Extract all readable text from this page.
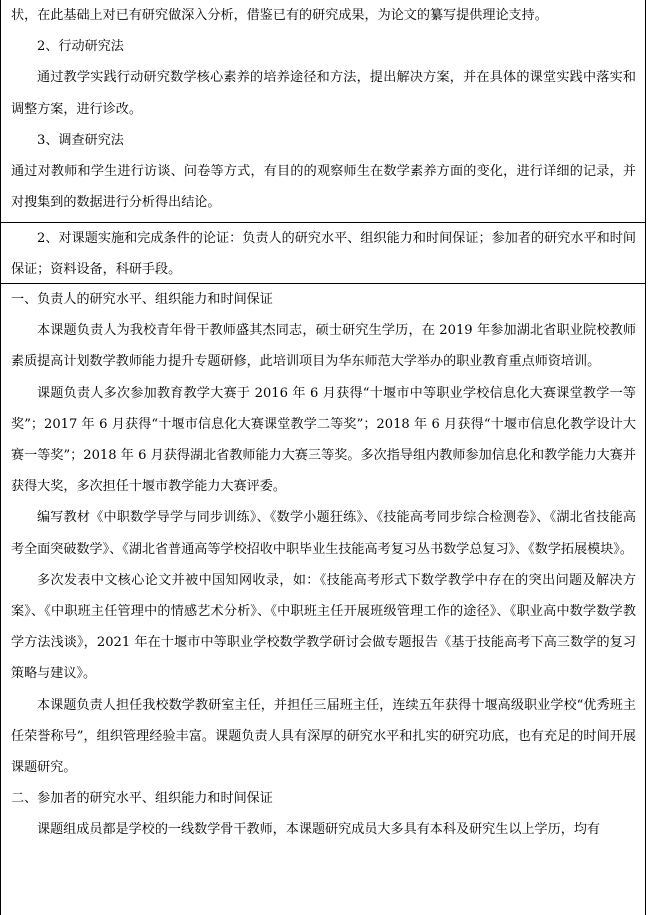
状，在此基础上对已有研究做深入分析，借鉴已有的研究成果，为论文的纂写提供理论支持。

2、行动研究法

通过教学实践行动研究数学核心素养的培养途径和方法，提出解决方案，并在具体的课堂实践中落实和调整方案，进行诊改。

3、调查研究法

通过对教师和学生进行访谈、问卷等方式，有目的的观察师生在数学素养方面的变化，进行详细的记录，并对搜集到的数据进行分析得出结论。

2、对课题实施和完成条件的论证：负责人的研究水平、组织能力和时间保证；参加者的研究水平和时间保证；资料设备，科研手段。

一、负责人的研究水平、组织能力和时间保证

本课题负责人为我校青年骨干教师盛其杰同志，硕士研究生学历，在 2019 年参加湖北省职业院校教师素质提高计划数学教师能力提升专题研修，此培训项目为华东师范大学举办的职业教育重点师资培训。

课题负责人多次参加教育教学大赛于 2016 年 6 月获得“十堰市中等职业学校信息化大赛课堂教学一等奖”；2017 年 6 月获得“十堰市信息化大赛课堂教学二等奖”；2018 年 6 月获得“十堰市信息化教学设计大赛一等奖”；2018 年 6 月获得湖北省教师能力大赛三等奖。多次指导组内教师参加信息化和教学能力大赛并获得大奖，多次担任十堰市教学能力大赛评委。

编写教材《中职数学导学与同步训练》、《数学小题狂练》、《技能高考同步综合检测卷》、《湖北省技能高考全面突破数学》、《湖北省普通高等学校招收中职毕业生技能高考复习丛书数学总复习》、《数学拓展模块》。

多次发表中文核心论文并被中国知网收录，如：《技能高考形式下数学教学中存在的突出问题及解决方案》、《中职班主任管理中的情感艺术分析》、《中职班主任开展班级管理工作的途径》、《职业高中数学数学教学方法浅谈》，2021 年在十堰市中等职业学校数学教学研讨会做专题报告《基于技能高考下高三数学的复习策略与建议》。

本课题负责人担任我校数学教研室主任，并担任三届班主任，连续五年获得十堰高级职业学校“优秀班主任荣誉称号”，组织管理经验丰富。课题负责人具有深厚的研究水平和扎实的研究功底，也有充足的时间开展课题研究。

二、参加者的研究水平、组织能力和时间保证

课题组成员都是学校的一线数学骨干教师，本课题研究成员大多具有本科及研究生以上学历，均有
